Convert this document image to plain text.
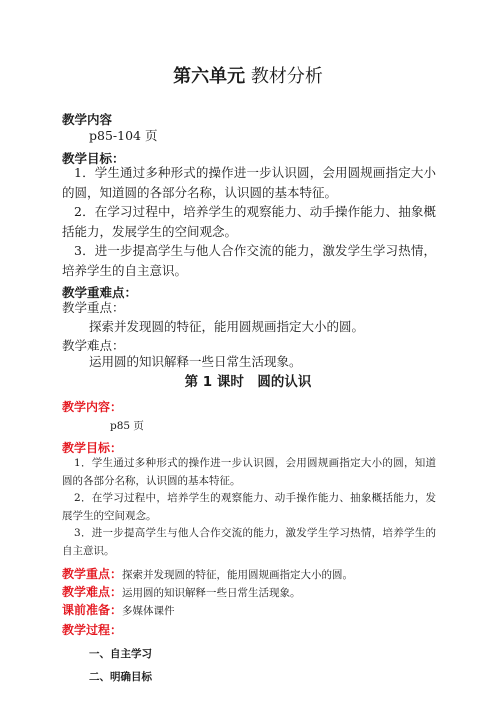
第六单元 教材分析
教学内容
p85-104 页
教学目标：
1．学生通过多种形式的操作进一步认识圆，会用圆规画指定大小的圆，知道圆的各部分名称，认识圆的基本特征。
2．在学习过程中，培养学生的观察能力、动手操作能力、抽象概括能力，发展学生的空间观念。
3．进一步提高学生与他人合作交流的能力，激发学生学习热情，培养学生的自主意识。
教学重难点：
教学重点：
探索并发现圆的特征，能用圆规画指定大小的圆。
教学难点：
运用圆的知识解释一些日常生活现象。
第 1 课时　圆的认识
教学内容：
p85 页
教学目标：
1．学生通过多种形式的操作进一步认识圆，会用圆规画指定大小的圆，知道圆的各部分名称，认识圆的基本特征。
2．在学习过程中，培养学生的观察能力、动手操作能力、抽象概括能力，发展学生的空间观念。
3．进一步提高学生与他人合作交流的能力，激发学生学习热情，培养学生的自主意识。
教学重点：探索并发现圆的特征，能用圆规画指定大小的圆。
教学难点：运用圆的知识解释一些日常生活现象。
课前准备：多媒体课件
教学过程：
一、自主学习
二、明确目标
